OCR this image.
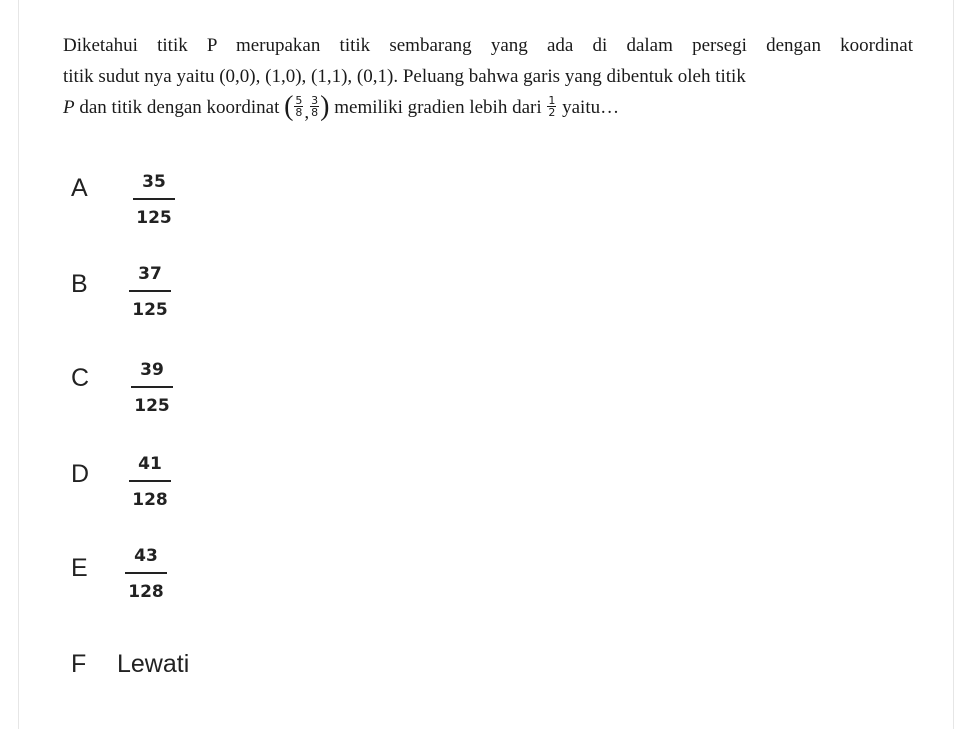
Diketahui titik P merupakan titik sembarang yang ada di dalam persegi dengan koordinat
titik sudut nya yaitu (0,0), (1,0), (1,1), (0,1). Peluang bahwa garis yang dibentuk oleh titik
P dan titik dengan koordinat ( $\frac{5}{8}$ , $\frac{3}{8}$ ) memiliki gradien lebih dari $\frac{1}{2}$ yaitu…
A	35
125
B	37
125
C	39
125
D	41
128
E	43
128
F Lewati
